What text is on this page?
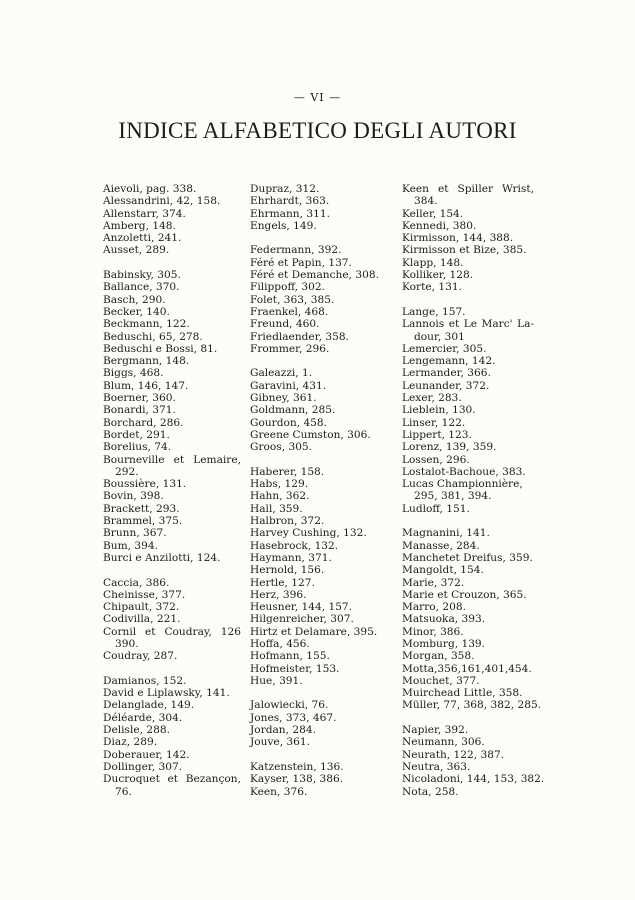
— VI —
INDICE ALFABETICO DEGLI AUTORI
Aievoli, pag. 338.
Alessandrini, 42, 158.
Allenstarr, 374.
Amberg, 148.
Anzoletti, 241.
Ausset, 289.
Babinsky, 305.
Ballance, 370.
Basch, 290.
Becker, 140.
Beckmann, 122.
Beduschi, 65, 278.
Beduschi e Bossi, 81.
Bergmann, 148.
Biggs, 468.
Blum, 146, 147.
Boerner, 360.
Bonardi, 371.
Borchard, 286.
Bordet, 291.
Borelius, 74.
Bourneville et Lemaire,
292.
Boussière, 131.
Bovin, 398.
Brackett, 293.
Brammel, 375.
Brunn, 367.
Bum, 394.
Burci e Anzilotti, 124.
Caccia, 386.
Cheinisse, 377.
Chipault, 372.
Codivilla, 221.
Cornil et Coudray, 126
390.
Coudray, 287.
Damianos, 152.
David e Liplawsky, 141.
Delanglade, 149.
Déléarde, 304.
Delisle, 288.
Diaz, 289.
Doberauer, 142.
Dollinger, 307.
Ducroquet et Bezançon,
76.
Dupraz, 312.
Ehrhardt, 363.
Ehrmann, 311.
Engels, 149.
Federmann, 392.
Féré et Papin, 137.
Féré et Demanche, 308.
Filippoff, 302.
Folet, 363, 385.
Fraenkel, 468.
Freund, 460.
Friedlaender, 358.
Frommer, 296.
Galeazzi, 1.
Garavini, 431.
Gibney, 361.
Goldmann, 285.
Gourdon, 458.
Greene Cumston, 306.
Groos, 305.
Haberer, 158.
Habs, 129.
Hahn, 362.
Hall, 359.
Halbron, 372.
Harvey Cushing, 132.
Hasebrock, 132.
Haymann, 371.
Hernold, 156.
Hertle, 127.
Herz, 396.
Heusner, 144, 157.
Hilgenreicher, 307.
Hirtz et Delamare, 395.
Hoffa, 456.
Hofmann, 155.
Hofmeister, 153.
Hue, 391.
Jalowiecki, 76.
Jones, 373, 467.
Jordan, 284.
Jouve, 361.
Katzenstein, 136.
Kayser, 138, 386.
Keen, 376.
Keen et Spiller Wrist,
384.
Keller, 154.
Kennedi, 380.
Kirmisson, 144, 388.
Kirmisson et Bize, 385.
Klapp, 148.
Kolliker, 128.
Korte, 131.
Lange, 157.
Lannois et Le Marc' La-
dour, 301
Lemercier, 305.
Lengemann, 142.
Lermander, 366.
Leunander, 372.
Lexer, 283.
Lieblein, 130.
Linser, 122.
Lippert, 123.
Lorenz, 139, 359.
Lossen, 296.
Lostalot-Bachoue, 383.
Lucas Championnière,
295, 381, 394.
Ludloff, 151.
Magnanini, 141.
Manasse, 284.
Manchetet Dreifus, 359.
Mangoldt, 154.
Marie, 372.
Marie et Crouzon, 365.
Marro, 208.
Matsuoka, 393.
Minor, 386.
Momburg, 139.
Morgan, 358.
Motta,356,161,401,454.
Mouchet, 377.
Muirchead Little, 358.
Müller, 77, 368, 382, 285.
Napier, 392.
Neumann, 306.
Neurath, 122, 387.
Neutra, 363.
Nicoladoni, 144, 153, 382.
Nota, 258.
